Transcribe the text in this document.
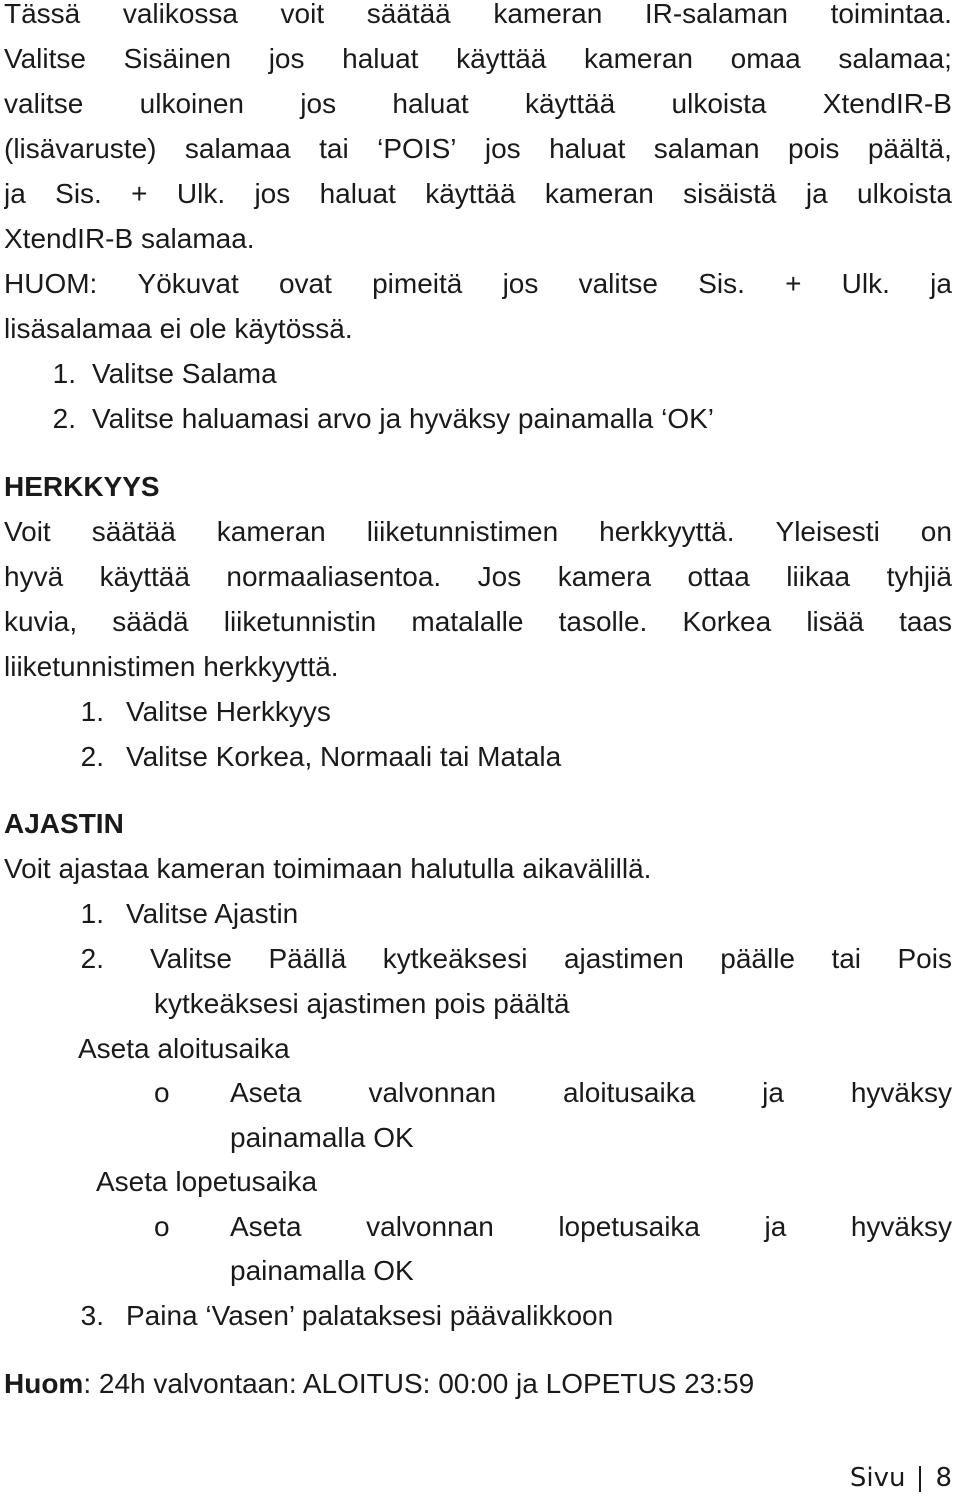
Tässä valikossa voit säätää kameran IR-salaman toimintaa.
Valitse Sisäinen jos haluat käyttää kameran omaa salamaa;
valitse ulkoinen jos haluat käyttää ulkoista XtendIR-B
(lisävaruste) salamaa tai ‘POIS’ jos haluat salaman pois päältä,
ja Sis. + Ulk. jos haluat käyttää kameran sisäistä ja ulkoista
XtendIR-B salamaa.
HUOM: Yökuvat ovat pimeitä jos valitse Sis. + Ulk. ja
lisäsalamaa ei ole käytössä.
1. Valitse Salama
2. Valitse haluamasi arvo ja hyväksy painamalla ‘OK’
HERKKYYS
Voit säätää kameran liiketunnistimen herkkyyttä. Yleisesti on
hyvä käyttää normaaliasentoa. Jos kamera ottaa liikaa tyhjiä
kuvia, säädä liiketunnistin matalalle tasolle. Korkea lisää taas
liiketunnistimen herkkyyttä.
1. Valitse Herkkyys
2. Valitse Korkea, Normaali tai Matala
AJASTIN
Voit ajastaa kameran toimimaan halutulla aikavälillä.
1. Valitse Ajastin
2. Valitse Päällä kytkeäksesi ajastimen päälle tai Pois
kytkeäksesi ajastimen pois päältä
Aseta aloitusaika
o Aseta valvonnan aloitusaika ja hyväksy
painamalla OK
Aseta lopetusaika
o Aseta valvonnan lopetusaika ja hyväksy
painamalla OK
3. Paina ‘Vasen’ palataksesi päävalikkoon
Huom: 24h valvontaan: ALOITUS: 00:00 ja LOPETUS 23:59
Sivu 8
